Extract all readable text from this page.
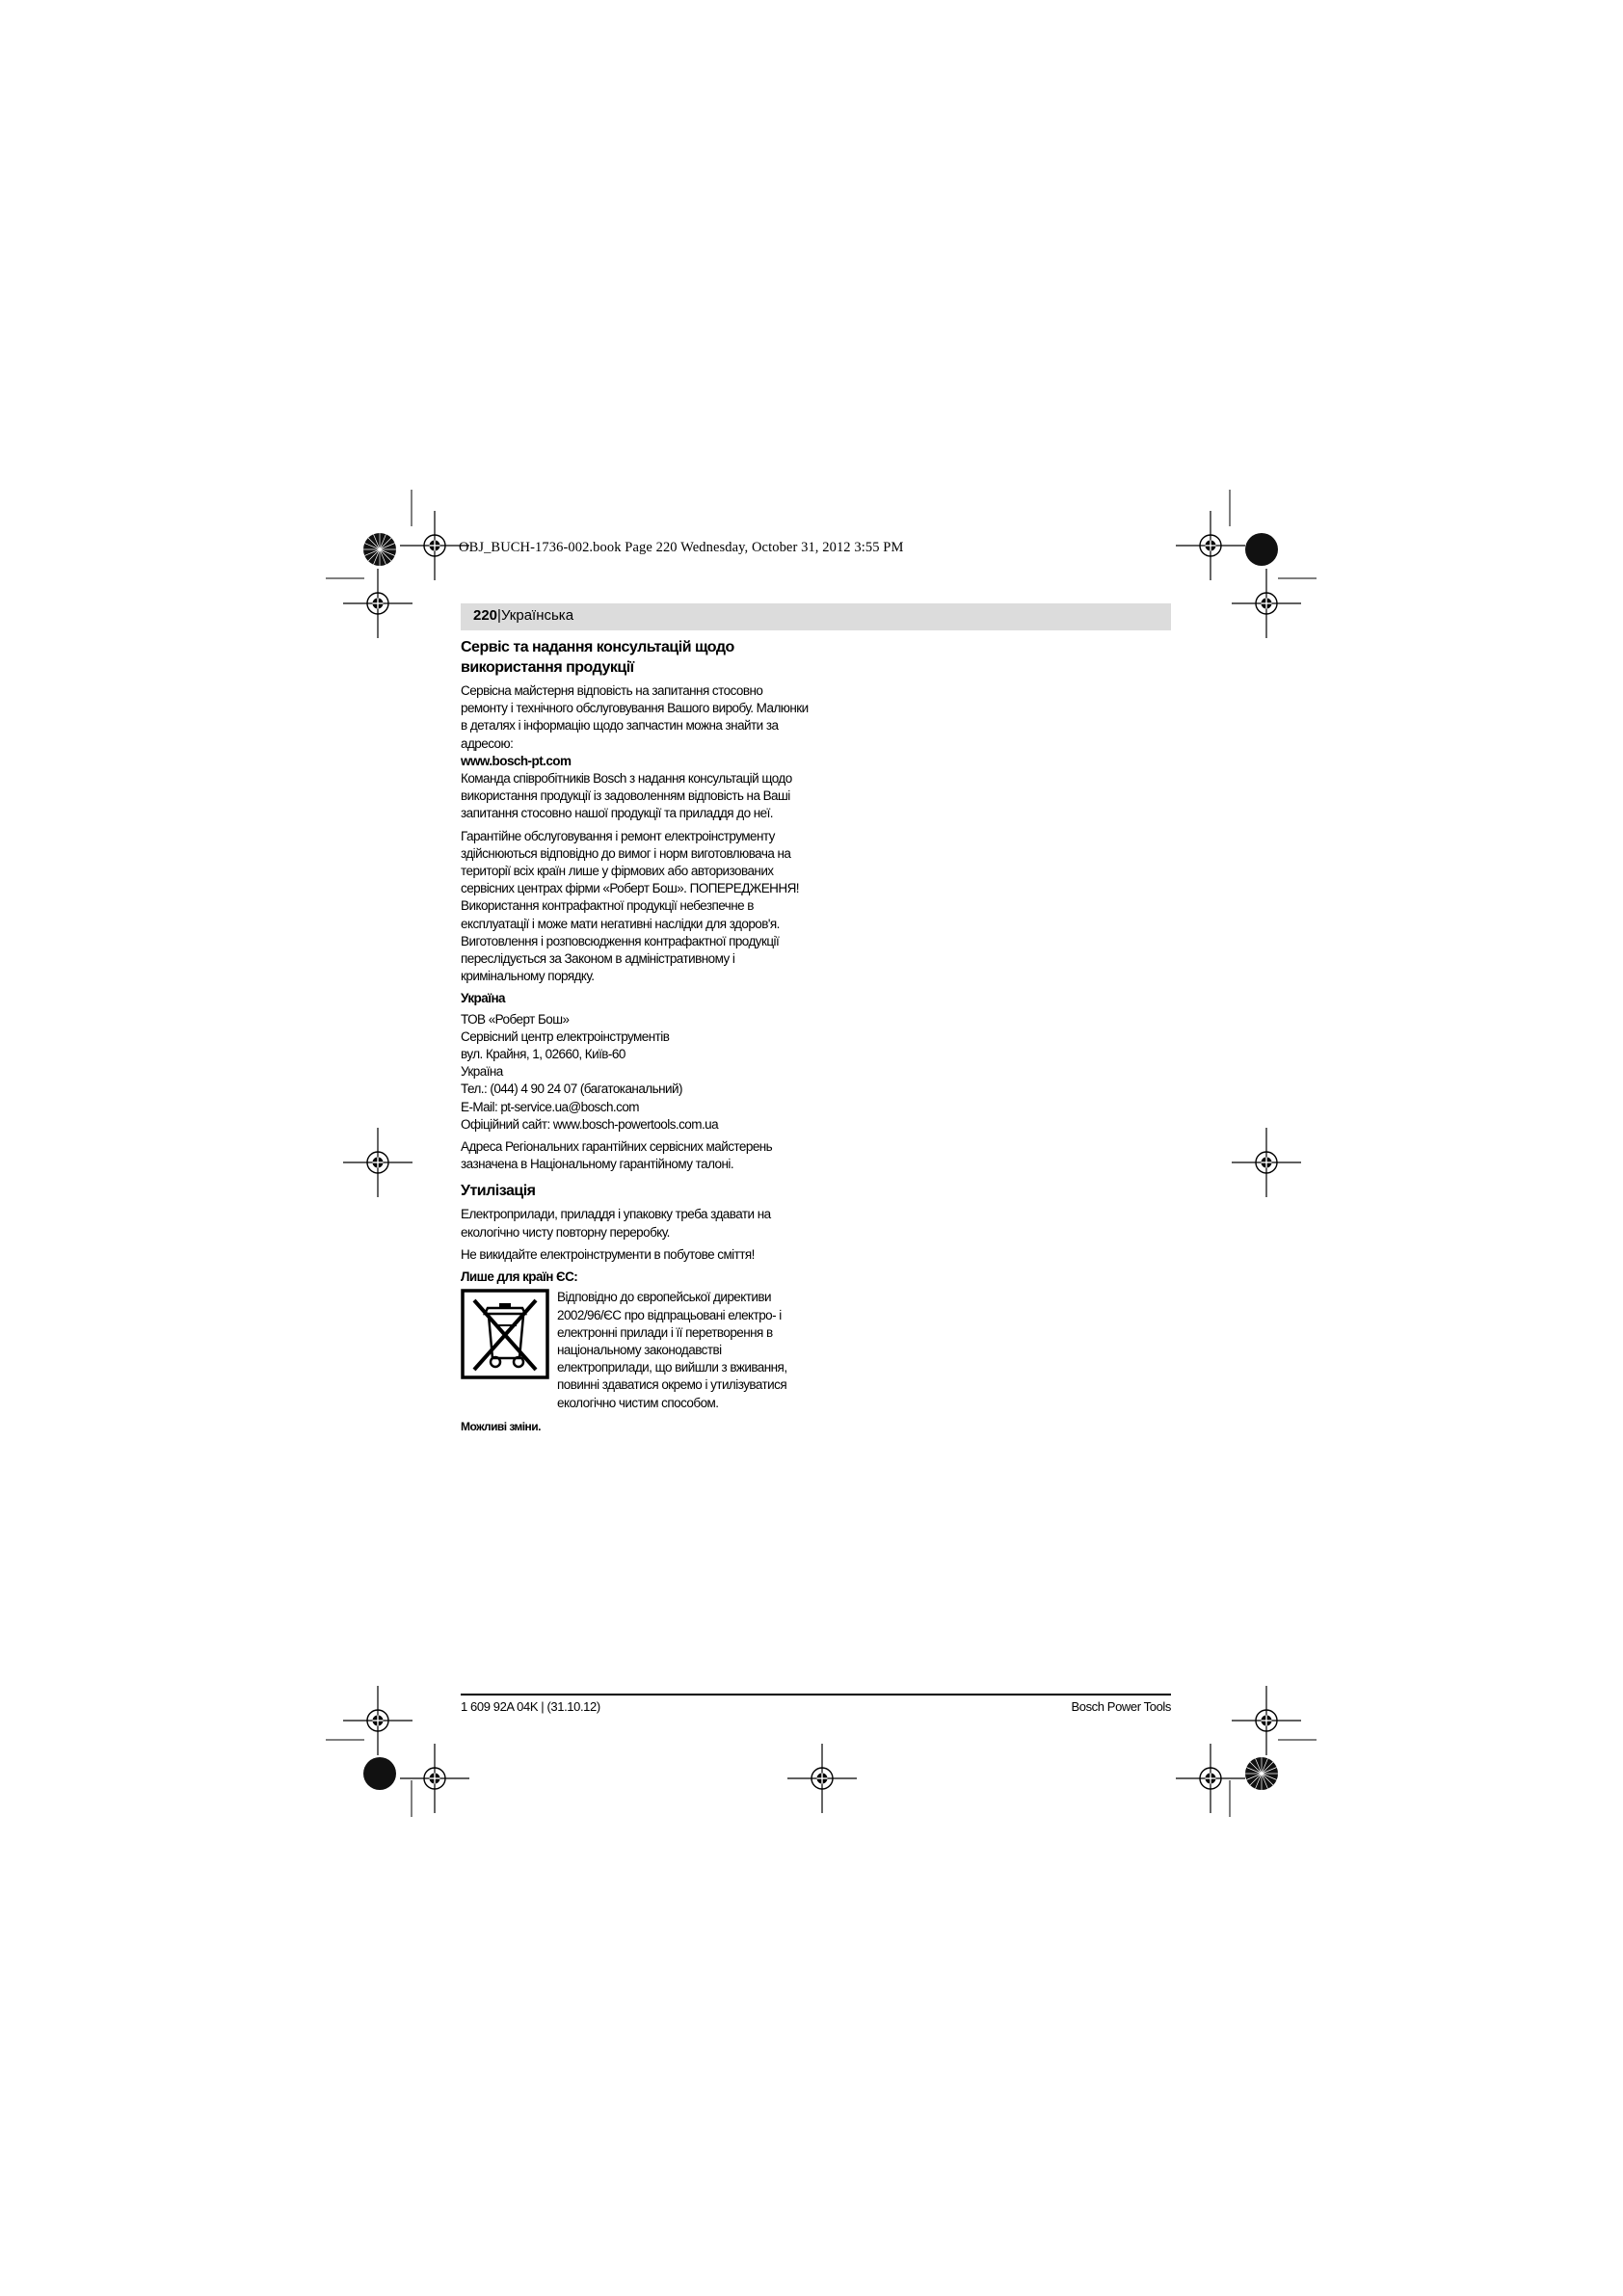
OBJ_BUCH-1736-002.book Page 220 Wednesday, October 31, 2012 3:55 PM
220|Українська
Сервіс та надання консультацій щодо використання продукції

Сервісна майстерня відповість на запитання стосовно ремонту і технічного обслуговування Вашого виробу. Малюнки в деталях і інформацію щодо запчастин можна знайти за адресою:
www.bosch-pt.com
Команда співробітників Bosch з надання консультацій щодо використання продукції із задоволенням відповість на Ваші запитання стосовно нашої продукції та приладдя до неї.

Гарантійне обслуговування і ремонт електроінструменту здійснюються відповідно до вимог і норм виготовлювача на території всіх країн лише у фірмових або авторизованих сервісних центрах фірми «Роберт Бош». ПОПЕРЕДЖЕННЯ! Використання контрафактної продукції небезпечне в експлуатації і може мати негативні наслідки для здоров'я. Виготовлення і розповсюдження контрафактної продукції переслідується за Законом в адміністративному і кримінальному порядку.

Україна

ТОВ «Роберт Бош»
Сервісний центр електроінструментів
вул. Крайня, 1, 02660, Київ-60
Україна
Тел.: (044) 4 90 24 07 (багатоканальний)
E-Mail: pt-service.ua@bosch.com
Офіційний сайт: www.bosch-powertools.com.ua

Адреса Регіональних гарантійних сервісних майстерень зазначена в Національному гарантійному талоні.

Утилізація

Електроприлади, приладдя і упаковку треба здавати на екологічно чисту повторну переробку.

Не викидайте електроінструменти в побутове сміття!

Лише для країн ЄС:
Відповідно до європейської директиви 2002/96/ЄС про відпрацьовані електро- і електронні прилади і її перетворення в національному законодавстві електроприлади, що вийшли з вживання, повинні здаватися окремо і утилізуватися екологічно чистим способом.
Можливі зміни.
1 609 92A 04K | (31.10.12)	Bosch Power Tools
